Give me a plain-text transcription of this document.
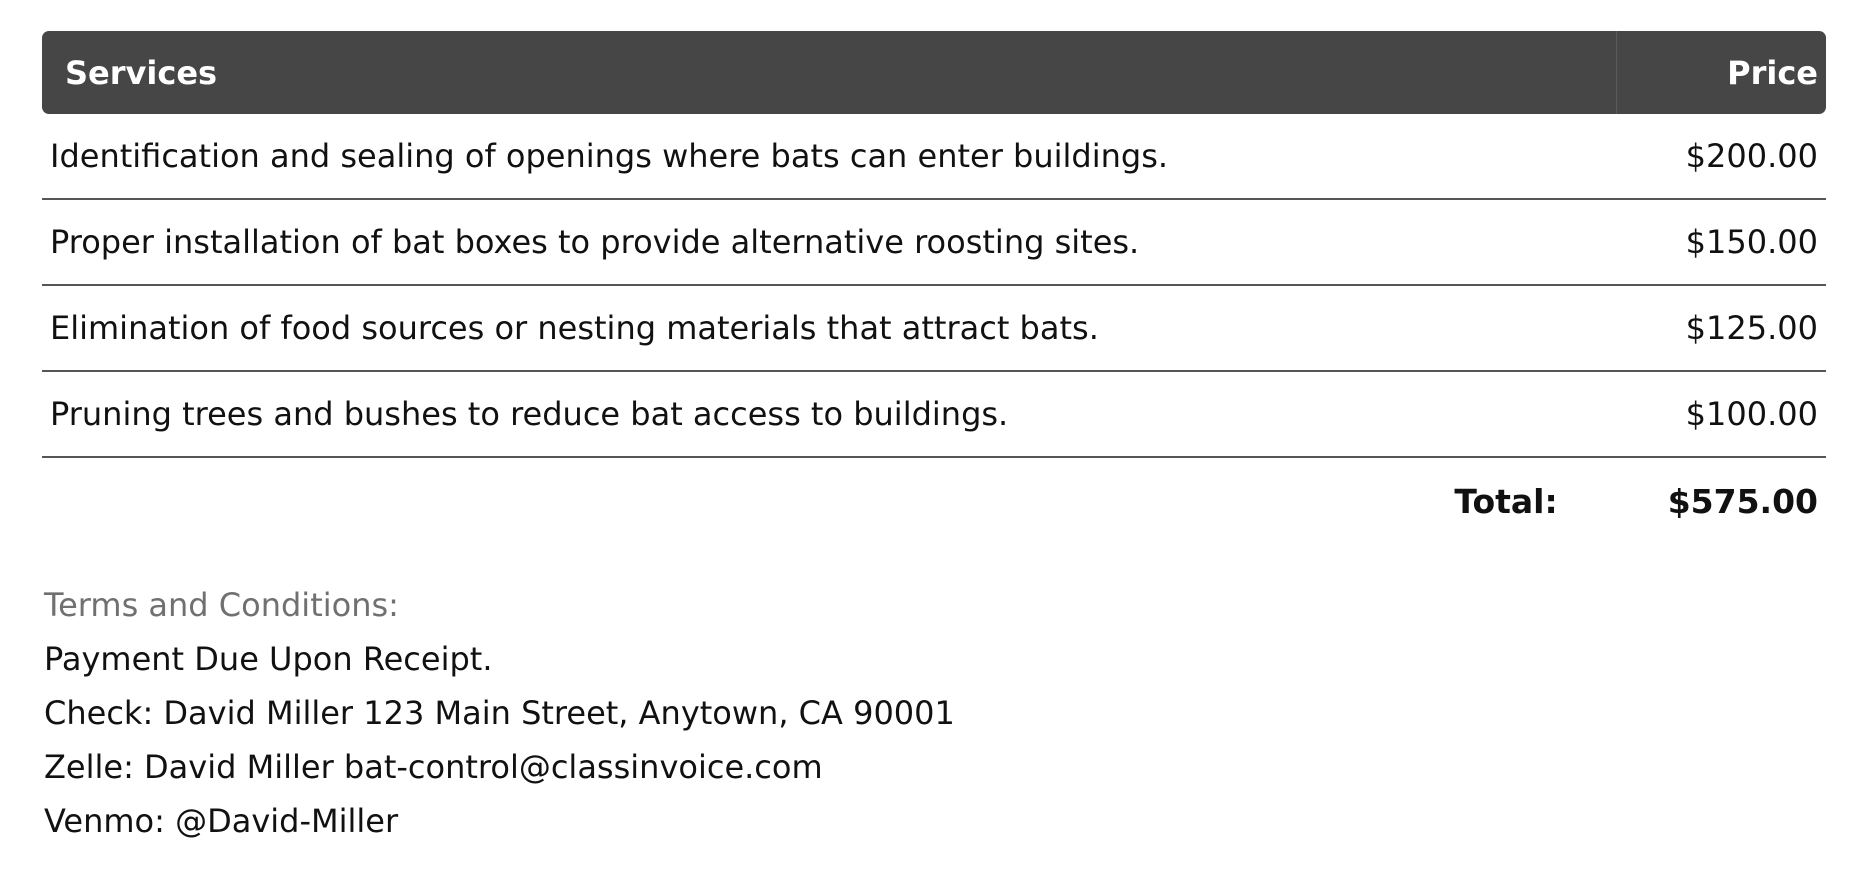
Services	Price
Identification and sealing of openings where bats can enter buildings.	$200.00
Proper installation of bat boxes to provide alternative roosting sites.	$150.00
Elimination of food sources or nesting materials that attract bats.	$125.00
Pruning trees and bushes to reduce bat access to buildings.	$100.00
Total:	$575.00
Terms and Conditions:
Payment Due Upon Receipt.
Check: David Miller 123 Main Street, Anytown, CA 90001
Zelle: David Miller bat-control@classinvoice.com
Venmo: @David-Miller
